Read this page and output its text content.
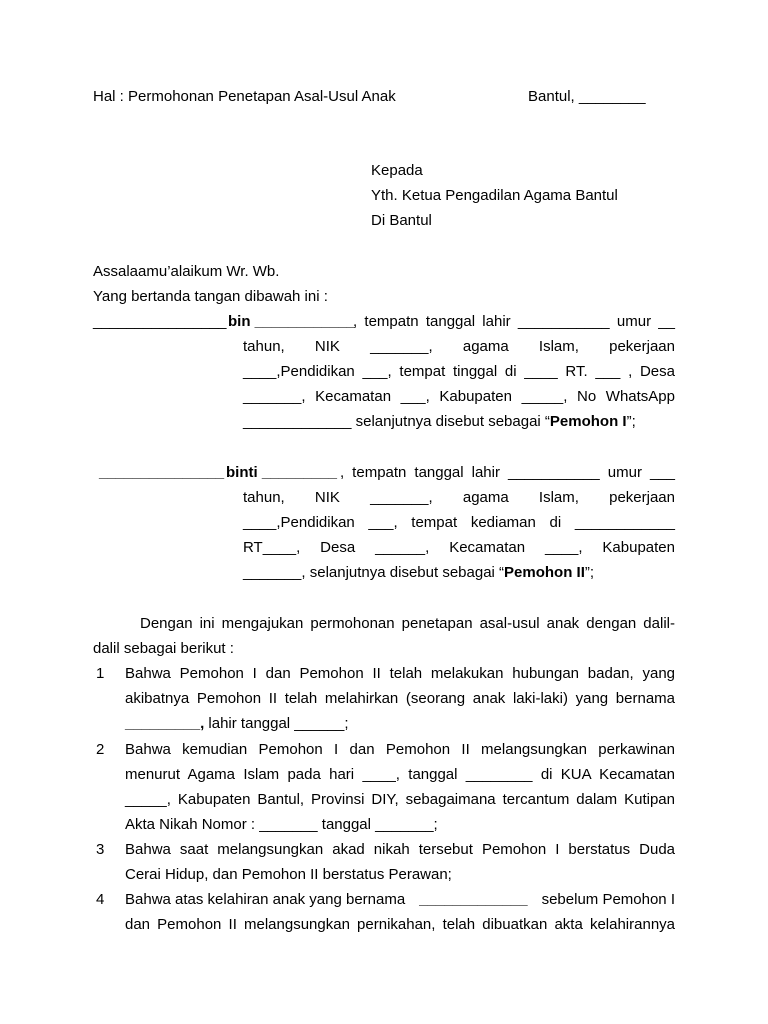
Hal : Permohonan Penetapan Asal-Usul Anak	Bantul, ________
Kepada
Yth. Ketua Pengadilan Agama Bantul
Di Bantul
Assalaamu’alaikum Wr. Wb.
Yang bertanda tangan dibawah ini :
________________ bin ____________
, tempatn tanggal lahir ___________ umur __
tahun, NIK _______, agama Islam, pekerjaan
____,Pendidikan ___, tempat tinggal di ____ RT. ___ , Desa
_______, Kecamatan ___, Kabupaten _____, No WhatsApp
_____________ selanjutnya disebut sebagai “Pemohon I”;
_______________ binti _________ , tempatn tanggal lahir ___________ umur ___
tahun, NIK _______, agama Islam, pekerjaan
____,Pendidikan ___, tempat kediaman di ____________
RT____, Desa ______, Kecamatan ____, Kabupaten
_______, selanjutnya disebut sebagai “Pemohon II”;
Dengan ini mengajukan permohonan penetapan asal-usul anak dengan dalil-
dalil sebagai berikut :
1 Bahwa Pemohon I dan Pemohon II telah melakukan hubungan badan, yang
akibatnya Pemohon II telah melahirkan (seorang anak laki-laki) yang bernama
_________, lahir tanggal ______;
2 Bahwa kemudian Pemohon I dan Pemohon II melangsungkan perkawinan
menurut Agama Islam pada hari ____, tanggal ________ di KUA Kecamatan
_____, Kabupaten Bantul, Provinsi DIY, sebagaimana tercantum dalam Kutipan
Akta Nikah Nomor : _______ tanggal _______;
3 Bahwa saat melangsungkan akad nikah tersebut Pemohon I berstatus Duda
Cerai Hidup, dan Pemohon II berstatus Perawan;
4 Bahwa atas kelahiran anak yang bernama _____________ sebelum Pemohon I
dan Pemohon II melangsungkan pernikahan, telah dibuatkan akta kelahirannya
